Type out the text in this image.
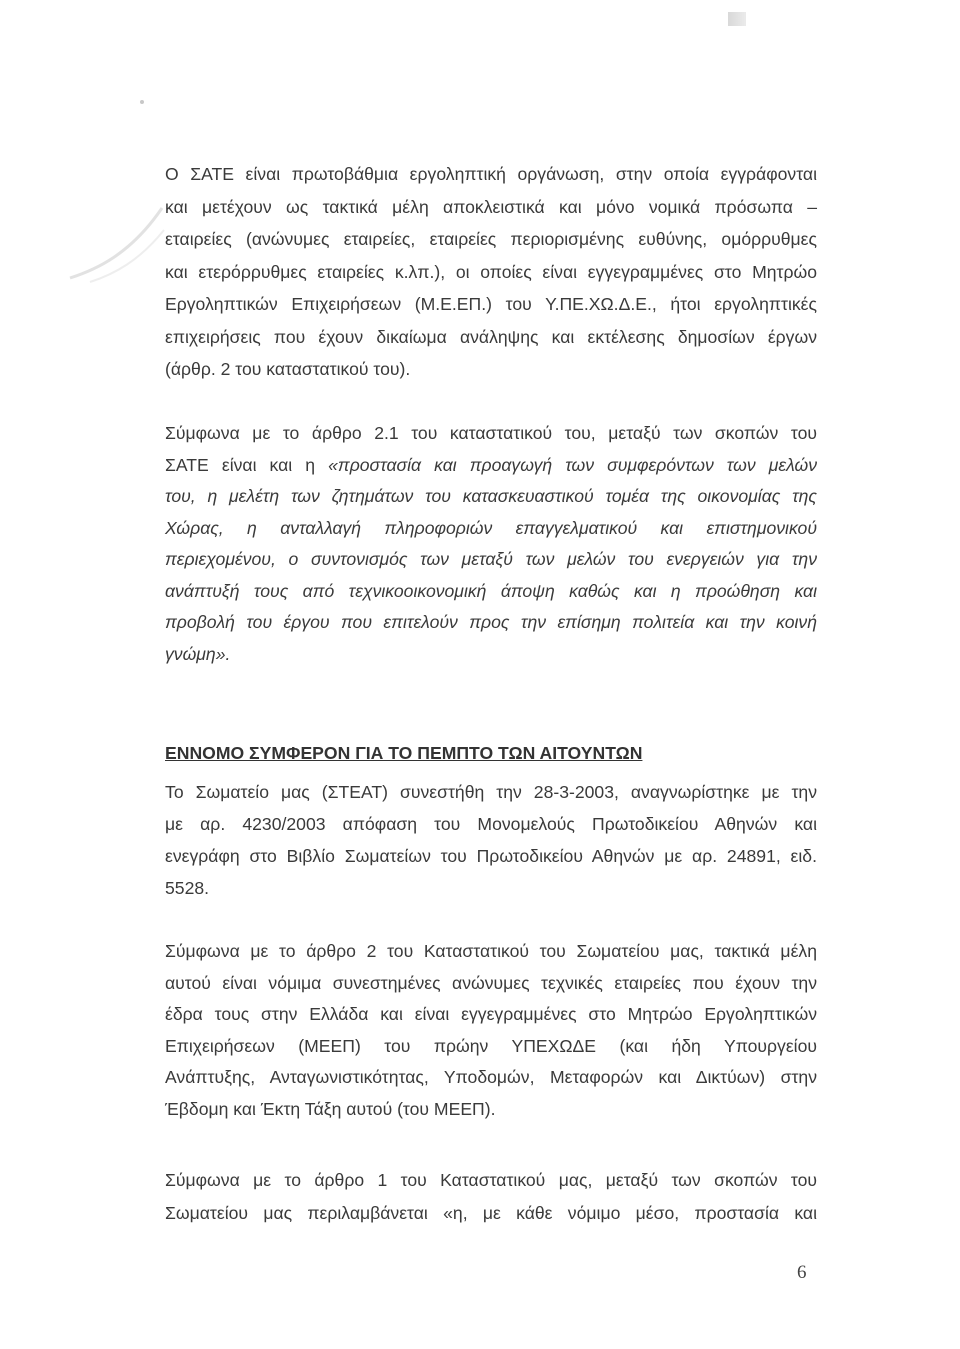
Ο ΣΑΤΕ είναι πρωτοβάθμια εργοληπτική οργάνωση, στην οποία εγγράφονται
και μετέχουν ως τακτικά μέλη αποκλειστικά και μόνο νομικά πρόσωπα –
εταιρείες (ανώνυμες εταιρείες, εταιρείες περιορισμένης ευθύνης, ομόρρυθμες
και ετερόρρυθμες εταιρείες κ.λπ.), οι οποίες είναι εγγεγραμμένες στο Μητρώο
Εργοληπτικών Επιχειρήσεων (Μ.Ε.ΕΠ.) του Υ.ΠΕ.ΧΩ.Δ.Ε., ήτοι εργοληπτικές
επιχειρήσεις που έχουν δικαίωμα ανάληψης και εκτέλεσης δημοσίων έργων
(άρθρ. 2 του καταστατικού του).
Σύμφωνα με το άρθρο 2.1 του καταστατικού του, μεταξύ των σκοπών του
ΣΑΤΕ είναι και η «προστασία και προαγωγή των συμφερόντων των μελών
του, η μελέτη των ζητημάτων του κατασκευαστικού τομέα της οικονομίας της
Χώρας, η ανταλλαγή πληροφοριών επαγγελματικού και επιστημονικού
περιεχομένου, ο συντονισμός των μεταξύ των μελών του ενεργειών για την
ανάπτυξή τους από τεχνικοοικονομική άποψη καθώς και η προώθηση και
προβολή του έργου που επιτελούν προς την επίσημη πολιτεία και την κοινή
γνώμη».
ΕΝΝΟΜΟ ΣΥΜΦΕΡΟΝ ΓΙΑ ΤΟ ΠΕΜΠΤΟ ΤΩΝ ΑΙΤΟΥΝΤΩΝ
Το Σωματείο μας (ΣΤΕΑΤ) συνεστήθη την 28-3-2003, αναγνωρίστηκε με την
με αρ. 4230/2003 απόφαση του Μονομελούς Πρωτοδικείου Αθηνών και
ενεγράφη στο Βιβλίο Σωματείων του Πρωτοδικείου Αθηνών με αρ. 24891, ειδ.
5528.
Σύμφωνα με το άρθρο 2 του Καταστατικού του Σωματείου μας, τακτικά μέλη
αυτού είναι νόμιμα συνεστημένες ανώνυμες τεχνικές εταιρείες που έχουν την
έδρα τους στην Ελλάδα και είναι εγγεγραμμένες στο Μητρώο Εργοληπτικών
Επιχειρήσεων (ΜΕΕΠ) του πρώην ΥΠΕΧΩΔΕ (και ήδη Υπουργείου
Ανάπτυξης, Ανταγωνιστικότητας, Υποδομών, Μεταφορών και Δικτύων) στην
Έβδομη και Έκτη Τάξη αυτού (του ΜΕΕΠ).
Σύμφωνα με το άρθρο 1 του Καταστατικού μας, μεταξύ των σκοπών του
Σωματείου μας περιλαμβάνεται «η, με κάθε νόμιμο μέσο, προστασία και
6
